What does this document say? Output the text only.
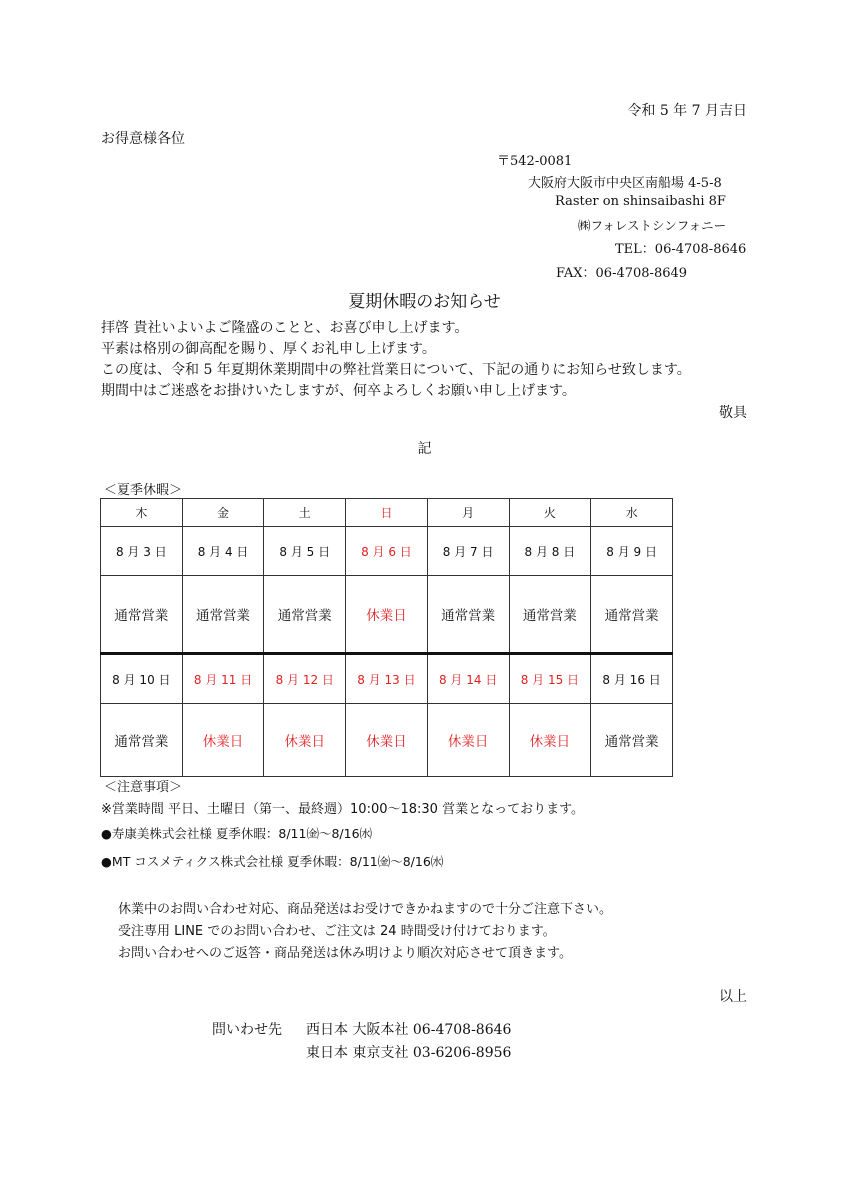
令和 5 年 7 月吉日
お得意様各位
〒542-0081
大阪府大阪市中央区南船場 4-5-8
Raster on shinsaibashi 8F
㈱フォレストシンフォニー
TEL：06-4708-8646
FAX：06-4708-8649
夏期休暇のお知らせ
拝啓 貴社いよいよご隆盛のことと、お喜び申し上げます。
平素は格別の御高配を賜り、厚くお礼申し上げます。
この度は、令和 5 年夏期休業期間中の弊社営業日について、下記の通りにお知らせ致します。
期間中はご迷惑をお掛けいたしますが、何卒よろしくお願い申し上げます。
敬具
記
＜夏季休暇＞
木	金	土	日	月	火	水
8 月 3 日	8 月 4 日	8 月 5 日	8 月 6 日	8 月 7 日	8 月 8 日	8 月 9 日
通常営業	通常営業	通常営業	休業日	通常営業	通常営業	通常営業
8 月 10 日	8 月 11 日	8 月 12 日	8 月 13 日	8 月 14 日	8 月 15 日	8 月 16 日
通常営業	休業日	休業日	休業日	休業日	休業日	通常営業
＜注意事項＞
※営業時間 平日、土曜日（第一、最終週）10:00～18:30 営業となっております。
●寿康美株式会社様 夏季休暇：8/11㈮～8/16㈬
●MT コスメティクス株式会社様 夏季休暇：8/11㈮～8/16㈬
休業中のお問い合わせ対応、商品発送はお受けできかねますので十分ご注意下さい。
受注専用 LINE でのお問い合わせ、ご注文は 24 時間受け付けております。
お問い合わせへのご返答・商品発送は休み明けより順次対応させて頂きます。
以上
問いわせ先 西日本 大阪本社 06-4708-8646
東日本 東京支社 03-6206-8956
